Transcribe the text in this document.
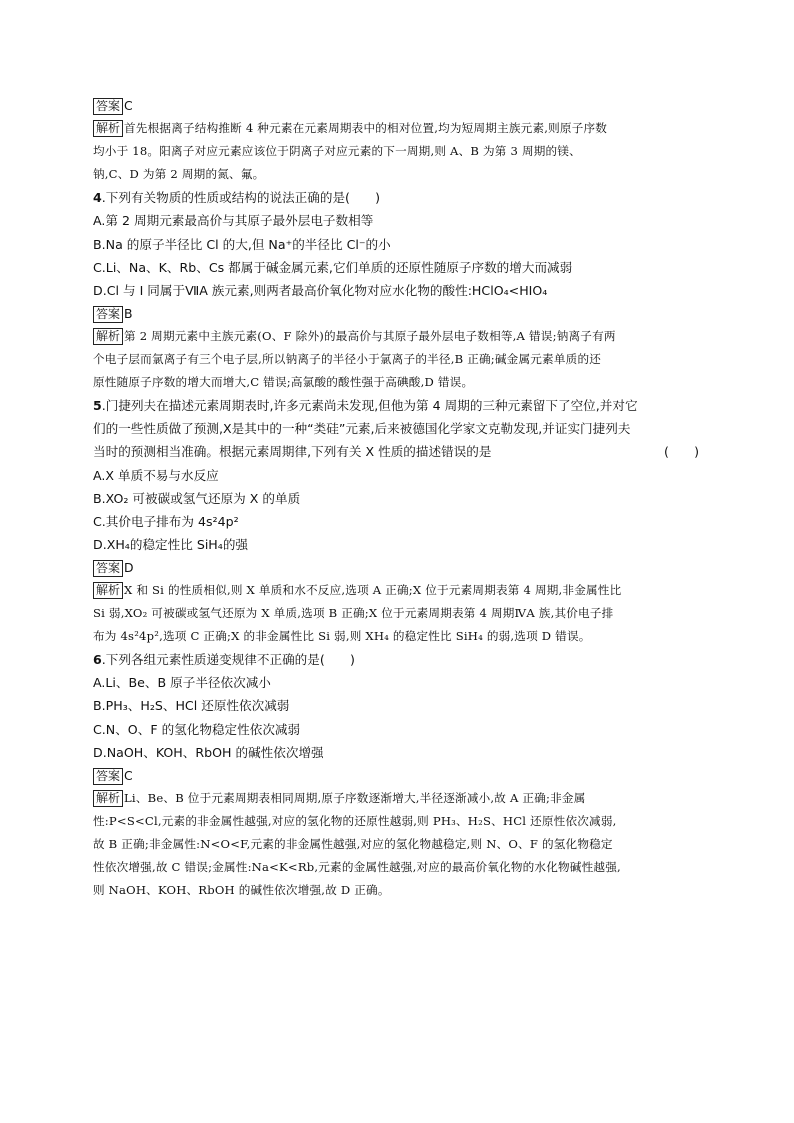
答案 C
解析 首先根据离子结构推断 4 种元素在元素周期表中的相对位置,均为短周期主族元素,则原子序数
均小于 18。阳离子对应元素应该位于阴离子对应元素的下一周期,则 A、B 为第 3 周期的镁、
钠,C、D 为第 2 周期的氮、氟。
4.下列有关物质的性质或结构的说法正确的是(　　)
A.第 2 周期元素最高价与其原子最外层电子数相等
B.Na 的原子半径比 Cl 的大,但 Na⁺的半径比 Cl⁻的小
C.Li、Na、K、Rb、Cs 都属于碱金属元素,它们单质的还原性随原子序数的增大而减弱
D.Cl 与 I 同属于ⅦA 族元素,则两者最高价氧化物对应水化物的酸性:HClO₄<HIO₄
答案 B
解析 第 2 周期元素中主族元素(O、F 除外)的最高价与其原子最外层电子数相等,A 错误;钠离子有两
个电子层而氯离子有三个电子层,所以钠离子的半径小于氯离子的半径,B 正确;碱金属元素单质的还
原性随原子序数的增大而增大,C 错误;高氯酸的酸性强于高碘酸,D 错误。
5.门捷列夫在描述元素周期表时,许多元素尚未发现,但他为第 4 周期的三种元素留下了空位,并对它
们的一些性质做了预测,X是其中的一种“类硅”元素,后来被德国化学家文克勒发现,并证实门捷列夫
当时的预测相当准确。根据元素周期律,下列有关 X 性质的描述错误的是	(　　)
A.X 单质不易与水反应
B.XO₂ 可被碳或氢气还原为 X 的单质
C.其价电子排布为 4s²4p²
D.XH₄的稳定性比 SiH₄的强
答案 D
解析 X 和 Si 的性质相似,则 X 单质和水不反应,选项 A 正确;X 位于元素周期表第 4 周期,非金属性比
Si 弱,XO₂ 可被碳或氢气还原为 X 单质,选项 B 正确;X 位于元素周期表第 4 周期ⅣA 族,其价电子排
布为 4s²4p²,选项 C 正确;X 的非金属性比 Si 弱,则 XH₄ 的稳定性比 SiH₄ 的弱,选项 D 错误。
6.下列各组元素性质递变规律不正确的是(　　)
A.Li、Be、B 原子半径依次减小
B.PH₃、H₂S、HCl 还原性依次减弱
C.N、O、F 的氢化物稳定性依次减弱
D.NaOH、KOH、RbOH 的碱性依次增强
答案 C
解析 Li、Be、B 位于元素周期表相同周期,原子序数逐渐增大,半径逐渐减小,故 A 正确;非金属
性:P<S<Cl,元素的非金属性越强,对应的氢化物的还原性越弱,则 PH₃、H₂S、HCl 还原性依次减弱,
故 B 正确;非金属性:N<O<F,元素的非金属性越强,对应的氢化物越稳定,则 N、O、F 的氢化物稳定
性依次增强,故 C 错误;金属性:Na<K<Rb,元素的金属性越强,对应的最高价氧化物的水化物碱性越强,
则 NaOH、KOH、RbOH 的碱性依次增强,故 D 正确。
